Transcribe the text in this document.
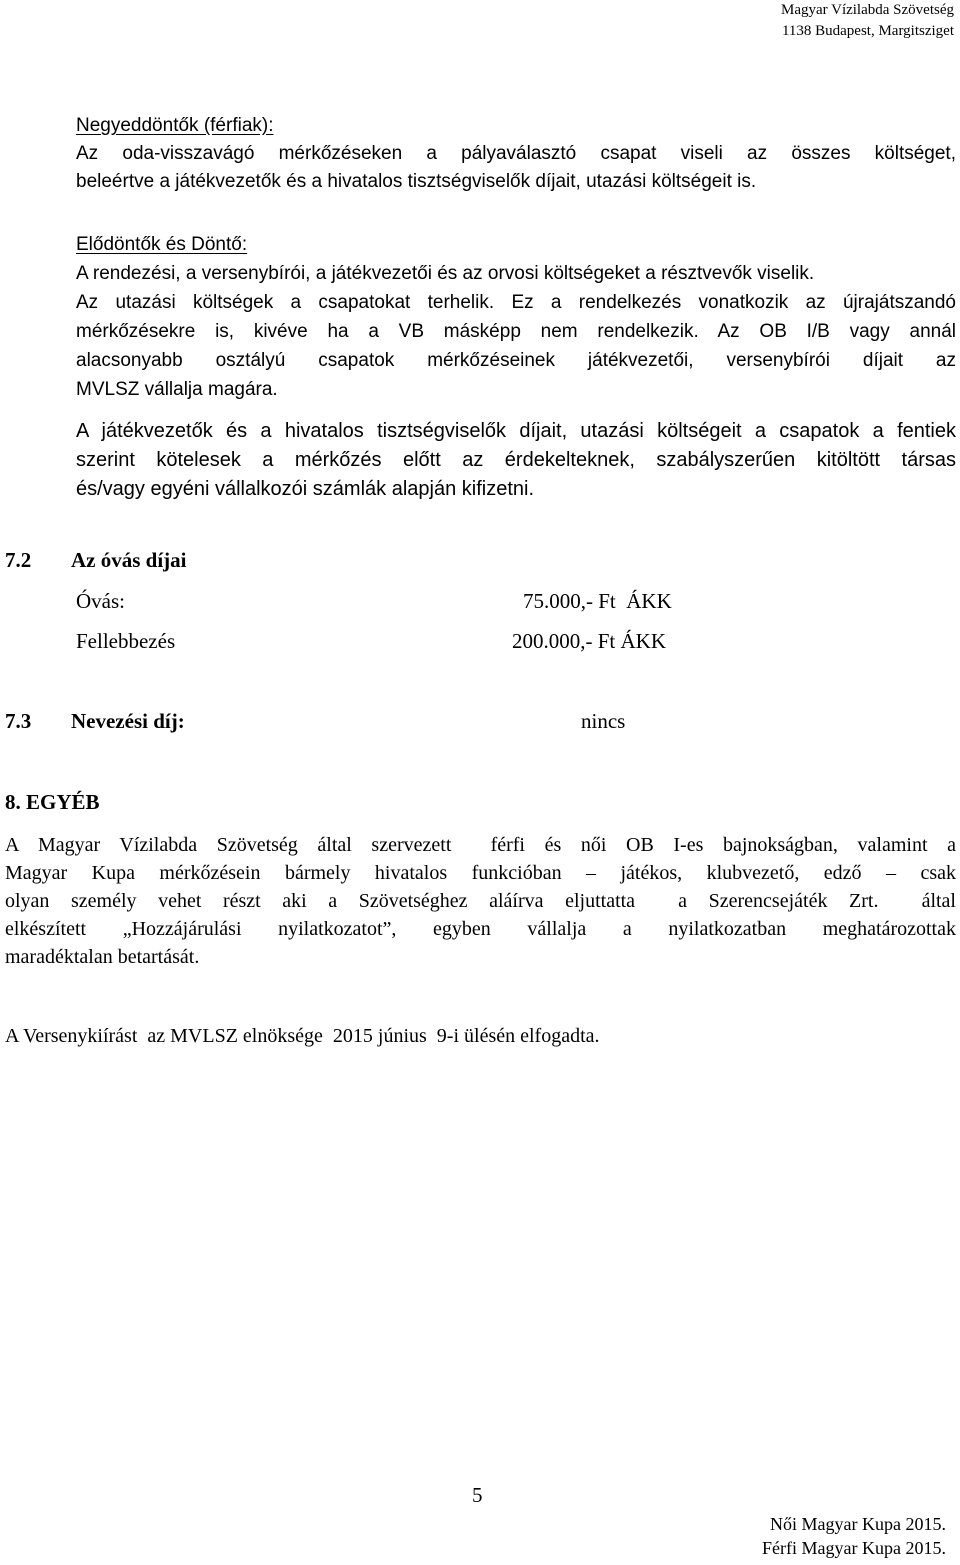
Magyar Vízilabda Szövetség
1138 Budapest, Margitsziget
Negyeddöntők (férfiak):
Az oda-visszavágó mérkőzéseken a pályaválasztó csapat viseli az összes költséget,
beleértve a játékvezetők és a hivatalos tisztségviselők díjait, utazási költségeit is.
Elődöntők és Döntő:
A rendezési, a versenybírói, a játékvezetői és az orvosi költségeket a résztvevők viselik.
Az utazási költségek a csapatokat terhelik. Ez a rendelkezés vonatkozik az újrajátszandó
mérkőzésekre is, kivéve ha a VB másképp nem rendelkezik. Az OB I/B vagy annál
alacsonyabb osztályú csapatok mérkőzéseinek játékvezetői, versenybírói díjait az
MVLSZ vállalja magára.
A játékvezetők és a hivatalos tisztségviselők díjait, utazási költségeit a csapatok a fentiek
szerint kötelesek a mérkőzés előtt az érdekelteknek, szabályszerűen kitöltött társas
és/vagy egyéni vállalkozói számlák alapján kifizetni.
7.2 Az óvás díjai
Óvás:	75.000,- Ft  ÁKK
Fellebbezés	200.000,- Ft ÁKK
7.3 Nevezési díj:	nincs
8. EGYÉB
A Magyar Vízilabda Szövetség által szervezett  férfi és női OB I-es bajnokságban, valamint a
Magyar Kupa mérkőzésein bármely hivatalos funkcióban – játékos, klubvezető, edző – csak
olyan személy vehet részt aki a Szövetséghez aláírva eljuttatta  a Szerencsejáték Zrt.  által
elkészített „Hozzájárulási nyilatkozatot”, egyben vállalja a nyilatkozatban meghatározottak
maradéktalan betartását.
A Versenykiírást  az MVLSZ elnöksége  2015 június  9-i ülésén elfogadta.
5
Női Magyar Kupa 2015.
Férfi Magyar Kupa 2015.
